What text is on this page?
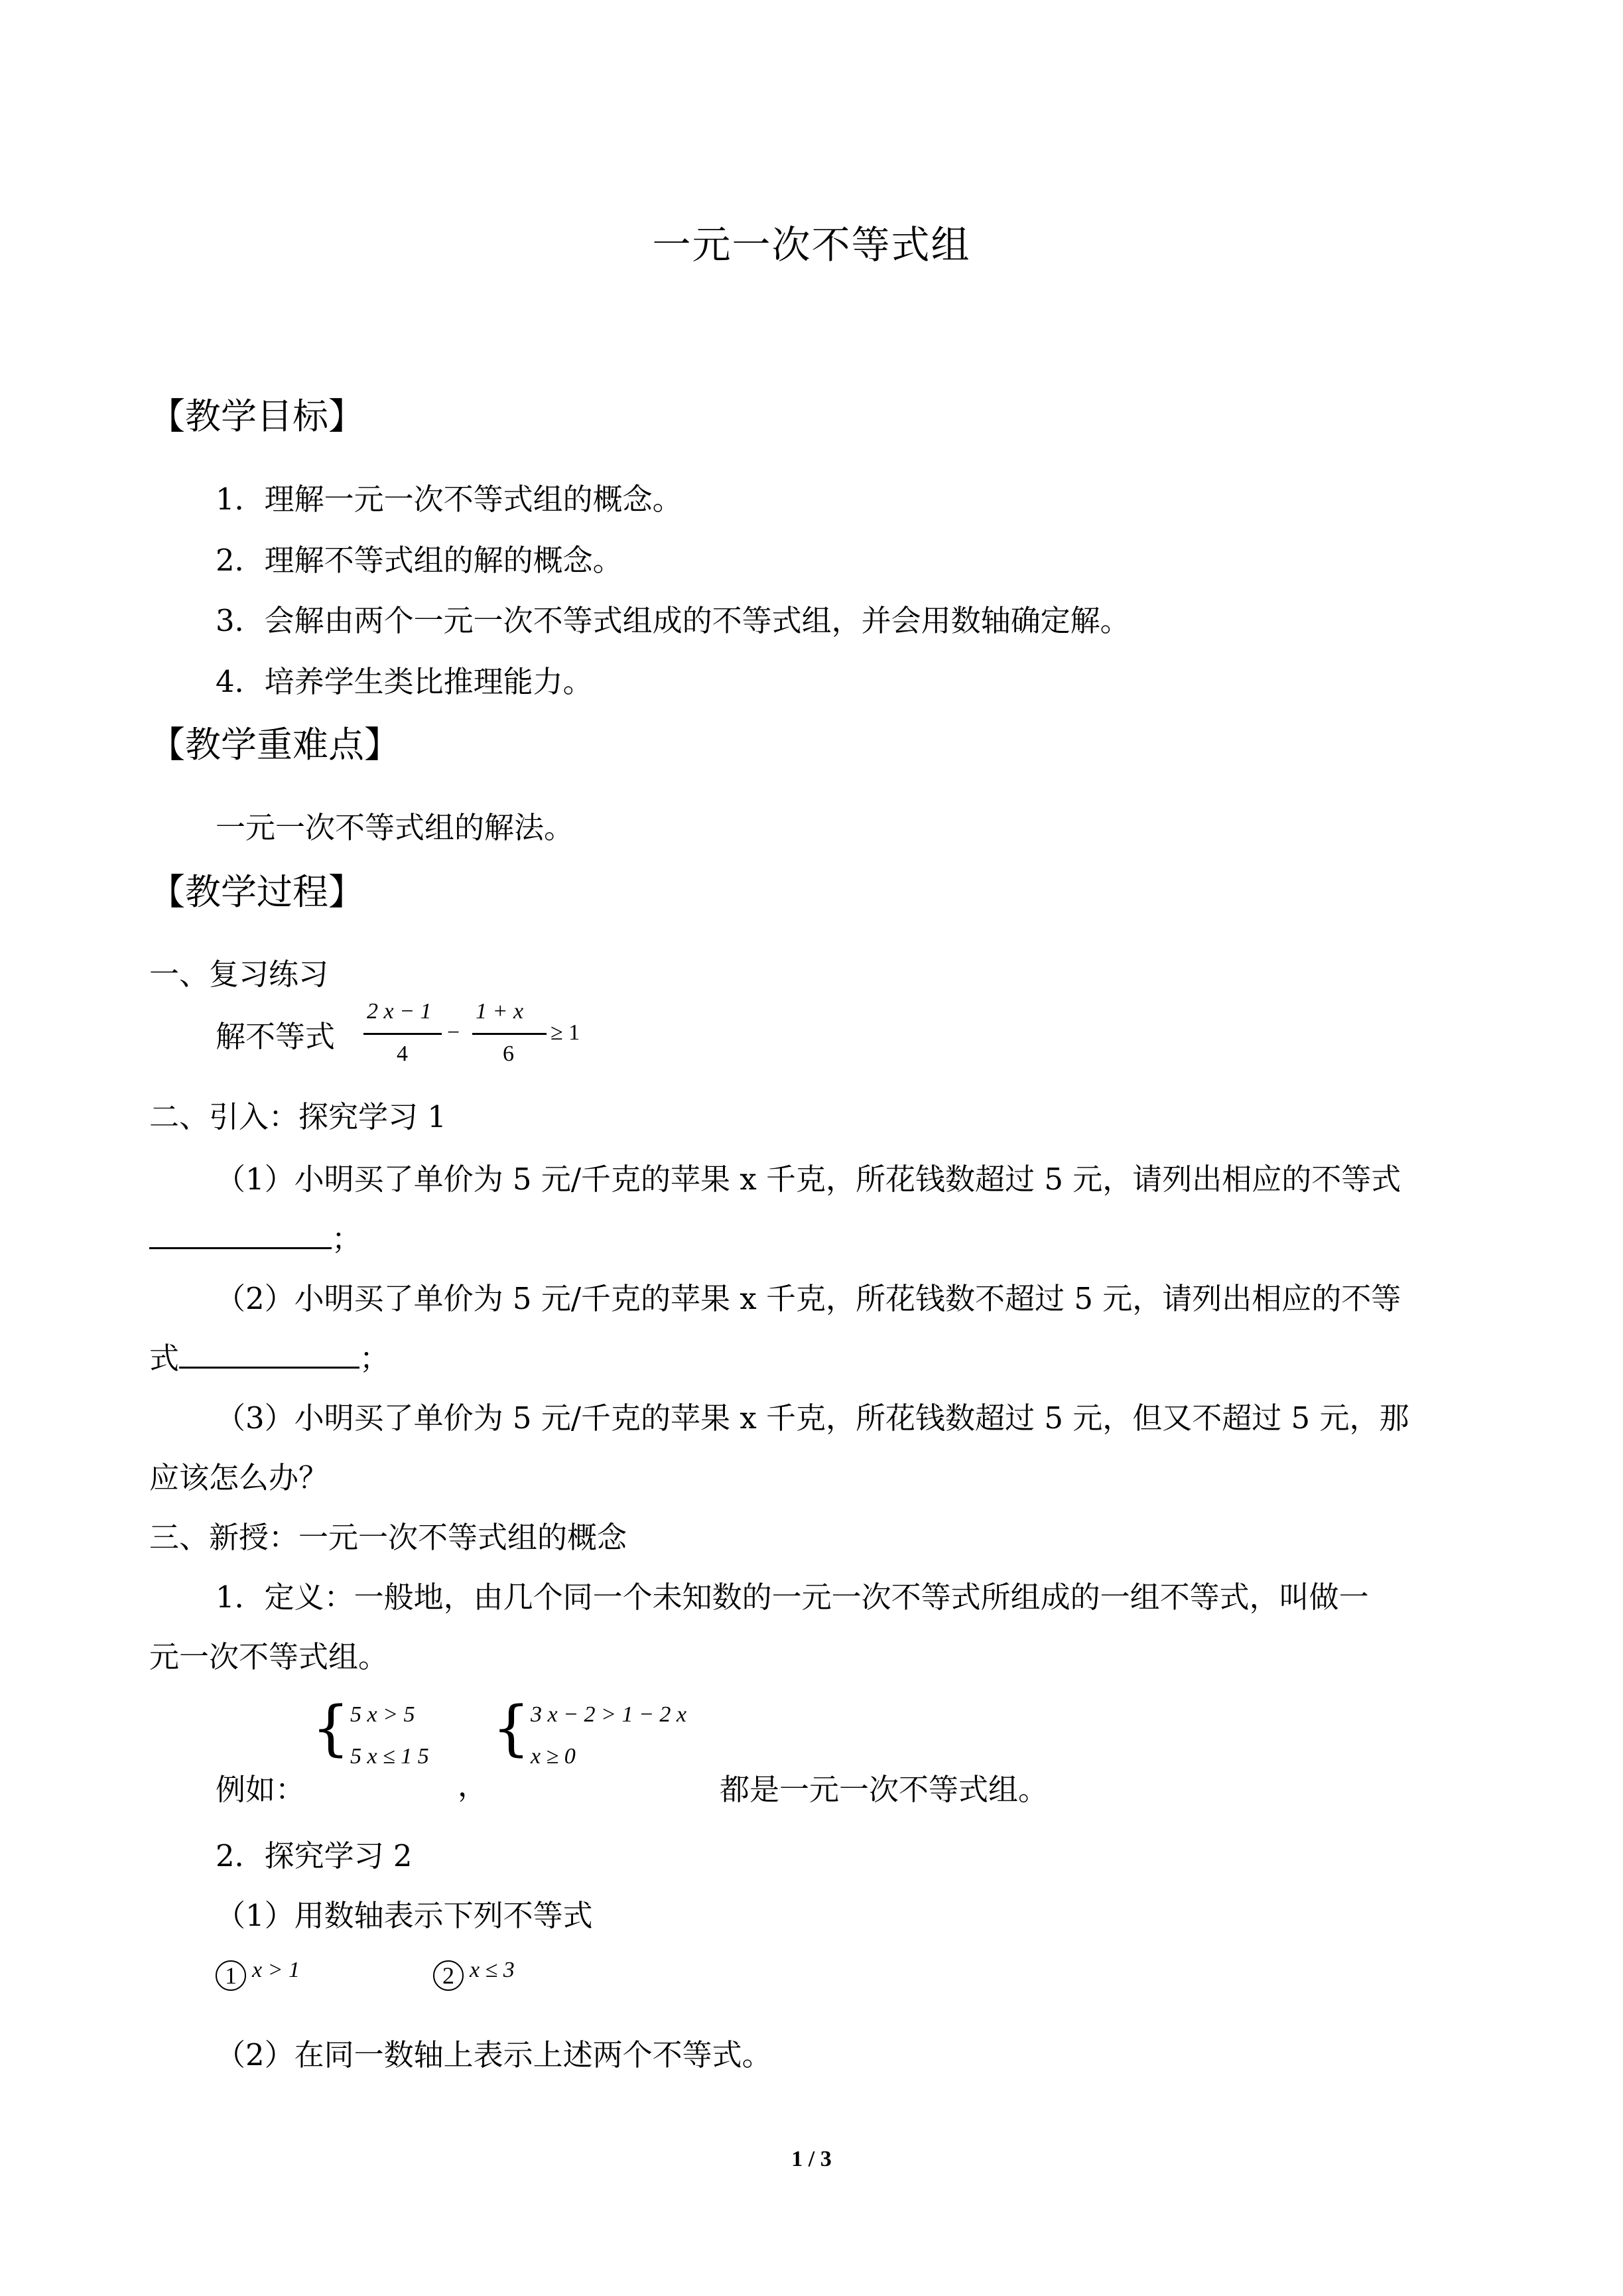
一元一次不等式组
【教学目标】
1．理解一元一次不等式组的概念。
2．理解不等式组的解的概念。
3．会解由两个一元一次不等式组成的不等式组，并会用数轴确定解。
4．培养学生类比推理能力。
【教学重难点】
一元一次不等式组的解法。
【教学过程】
一、复习练习
解不等式
2 x − 1
4
−
1 + x
6
≥ 1
二、引入：探究学习 1
（1）小明买了单价为 5 元/千克的苹果 x 千克，所花钱数超过 5 元，请列出相应的不等式
；
（2）小明买了单价为 5 元/千克的苹果 x 千克，所花钱数不超过 5 元，请列出相应的不等
式	；
（3）小明买了单价为 5 元/千克的苹果 x 千克，所花钱数超过 5 元，但又不超过 5 元，那
应该怎么办？
三、新授：一元一次不等式组的概念
1．定义：一般地，由几个同一个未知数的一元一次不等式所组成的一组不等式，叫做一
元一次不等式组。
例如：
{ 5 x > 5
5 x ≤ 1 5
，
{ 3 x − 2 > 1 − 2 x
x ≥ 0
都是一元一次不等式组。
2．探究学习 2
（1）用数轴表示下列不等式
1 x > 1	2 x ≤ 3
（2）在同一数轴上表示上述两个不等式。
1 / 3
